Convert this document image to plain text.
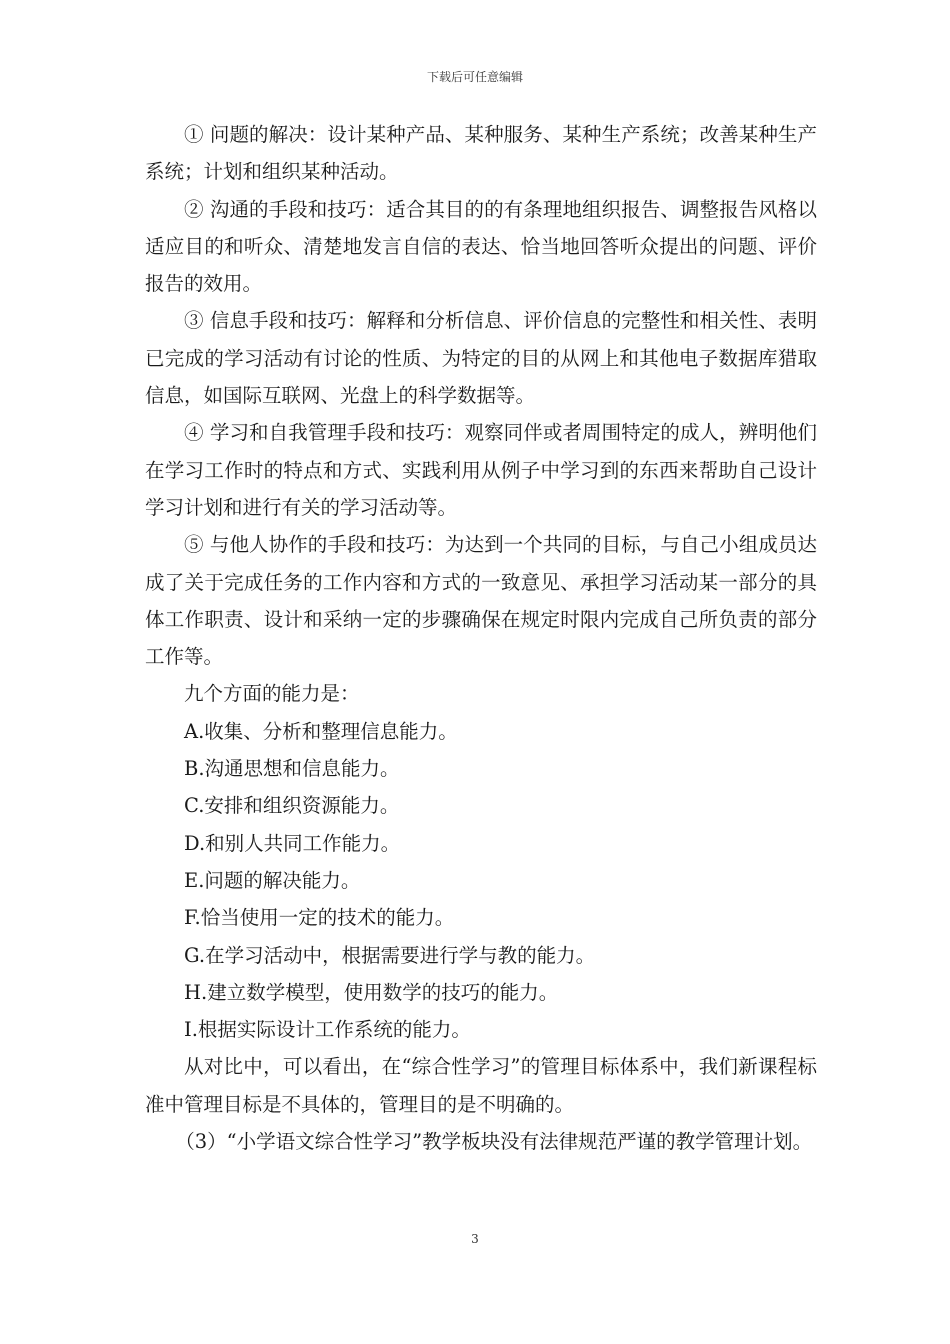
下载后可任意编辑

① 问题的解决：设计某种产品、某种服务、某种生产系统；改善某种生产系统；计划和组织某种活动。

② 沟通的手段和技巧：适合其目的的有条理地组织报告、调整报告风格以适应目的和听众、清楚地发言自信的表达、恰当地回答听众提出的问题、评价报告的效用。

③ 信息手段和技巧：解释和分析信息、评价信息的完整性和相关性、表明已完成的学习活动有讨论的性质、为特定的目的从网上和其他电子数据库猎取信息，如国际互联网、光盘上的科学数据等。

④ 学习和自我管理手段和技巧：观察同伴或者周围特定的成人，辨明他们在学习工作时的特点和方式、实践利用从例子中学习到的东西来帮助自己设计学习计划和进行有关的学习活动等。

⑤ 与他人协作的手段和技巧：为达到一个共同的目标，与自己小组成员达成了关于完成任务的工作内容和方式的一致意见、承担学习活动某一部分的具体工作职责、设计和采纳一定的步骤确保在规定时限内完成自己所负责的部分工作等。

九个方面的能力是：

A.收集、分析和整理信息能力。

B.沟通思想和信息能力。

C.安排和组织资源能力。

D.和别人共同工作能力。

E.问题的解决能力。

F.恰当使用一定的技术的能力。

G.在学习活动中，根据需要进行学与教的能力。

H.建立数学模型，使用数学的技巧的能力。

I.根据实际设计工作系统的能力。

从对比中，可以看出，在“综合性学习”的管理目标体系中，我们新课程标准中管理目标是不具体的，管理目的是不明确的。

（3）“小学语文综合性学习”教学板块没有法律规范严谨的教学管理计划。

3
